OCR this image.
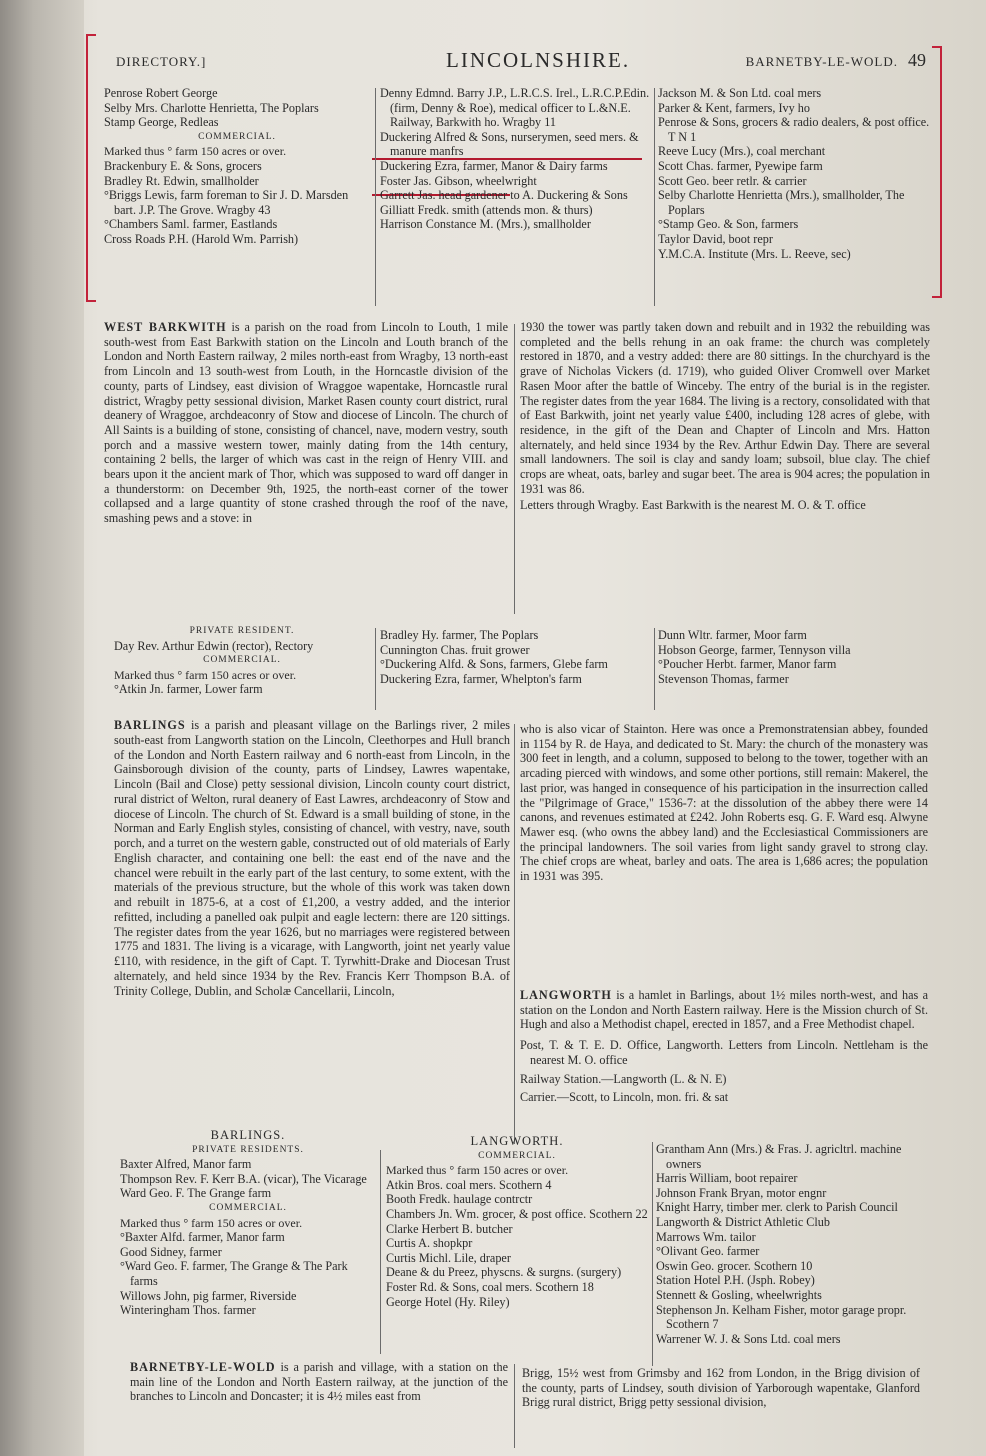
DIRECTORY.]	LINCOLNSHIRE.	BARNETBY-LE-WOLD. 49

Penrose Robert George

Selby Mrs. Charlotte Henrietta, The Poplars

Stamp George, Redleas

COMMERCIAL.

Marked thus ° farm 150 acres or over.

Brackenbury E. & Sons, grocers

Bradley Rt. Edwin, smallholder

°Briggs Lewis, farm foreman to Sir J. D. Marsden bart. J.P. The Grove. Wragby 43

°Chambers Saml. farmer, Eastlands

Cross Roads P.H. (Harold Wm. Parrish)

Denny Edmnd. Barry J.P., L.R.C.S. Irel., L.R.C.P.Edin. (firm, Denny & Roe), medical officer to L.&N.E. Railway, Barkwith ho. Wragby 11

Duckering Alfred & Sons, nurserymen, seed mers. & manure manfrs

Duckering Ezra, farmer, Manor & Dairy farms

Foster Jas. Gibson, wheelwright

Garrett Jas. head gardener to A. Duckering & Sons

Gilliatt Fredk. smith (attends mon. & thurs)

Harrison Constance M. (Mrs.), smallholder

Jackson M. & Son Ltd. coal mers

Parker & Kent, farmers, Ivy ho

Penrose & Sons, grocers & radio dealers, & post office. T N 1

Reeve Lucy (Mrs.), coal merchant

Scott Chas. farmer, Pyewipe farm

Scott Geo. beer retlr. & carrier

Selby Charlotte Henrietta (Mrs.), smallholder, The Poplars

°Stamp Geo. & Son, farmers

Taylor David, boot repr

Y.M.C.A. Institute (Mrs. L. Reeve, sec)

WEST BARKWITH is a parish on the road from Lincoln to Louth, 1 mile south-west from East Barkwith station on the Lincoln and Louth branch of the London and North Eastern railway, 2 miles north-east from Wragby, 13 north-east from Lincoln and 13 south-west from Louth, in the Horncastle division of the county, parts of Lindsey, east division of Wraggoe wapentake, Horncastle rural district, Wragby petty sessional division, Market Rasen county court district, rural deanery of Wraggoe, archdeaconry of Stow and diocese of Lincoln. The church of All Saints is a building of stone, consisting of chancel, nave, modern vestry, south porch and a massive western tower, mainly dating from the 14th century, containing 2 bells, the larger of which was cast in the reign of Henry VIII. and bears upon it the ancient mark of Thor, which was supposed to ward off danger in a thunderstorm: on December 9th, 1925, the north-east corner of the tower collapsed and a large quantity of stone crashed through the roof of the nave, smashing pews and a stove: in

1930 the tower was partly taken down and rebuilt and in 1932 the rebuilding was completed and the bells rehung in an oak frame: the church was completely restored in 1870, and a vestry added: there are 80 sittings. In the churchyard is the grave of Nicholas Vickers (d. 1719), who guided Oliver Cromwell over Market Rasen Moor after the battle of Winceby. The entry of the burial is in the register. The register dates from the year 1684. The living is a rectory, consolidated with that of East Barkwith, joint net yearly value £400, including 128 acres of glebe, with residence, in the gift of the Dean and Chapter of Lincoln and Mrs. Hatton alternately, and held since 1934 by the Rev. Arthur Edwin Day. There are several small landowners. The soil is clay and sandy loam; subsoil, blue clay. The chief crops are wheat, oats, barley and sugar beet. The area is 904 acres; the population in 1931 was 86.

Letters through Wragby. East Barkwith is the nearest M. O. & T. office

PRIVATE RESIDENT.

Day Rev. Arthur Edwin (rector), Rectory

COMMERCIAL.

Marked thus ° farm 150 acres or over.

°Atkin Jn. farmer, Lower farm

Bradley Hy. farmer, The Poplars

Cunnington Chas. fruit grower

°Duckering Alfd. & Sons, farmers, Glebe farm

Duckering Ezra, farmer, Whelpton's farm

Dunn Wltr. farmer, Moor farm

Hobson George, farmer, Tennyson villa

°Poucher Herbt. farmer, Manor farm

Stevenson Thomas, farmer

BARLINGS is a parish and pleasant village on the Barlings river, 2 miles south-east from Langworth station on the Lincoln, Cleethorpes and Hull branch of the London and North Eastern railway and 6 north-east from Lincoln, in the Gainsborough division of the county, parts of Lindsey, Lawres wapentake, Lincoln (Bail and Close) petty sessional division, Lincoln county court district, rural district of Welton, rural deanery of East Lawres, archdeaconry of Stow and diocese of Lincoln. The church of St. Edward is a small building of stone, in the Norman and Early English styles, consisting of chancel, with vestry, nave, south porch, and a turret on the western gable, constructed out of old materials of Early English character, and containing one bell: the east end of the nave and the chancel were rebuilt in the early part of the last century, to some extent, with the materials of the previous structure, but the whole of this work was taken down and rebuilt in 1875-6, at a cost of £1,200, a vestry added, and the interior refitted, including a panelled oak pulpit and eagle lectern: there are 120 sittings. The register dates from the year 1626, but no marriages were registered between 1775 and 1831. The living is a vicarage, with Langworth, joint net yearly value £110, with residence, in the gift of Capt. T. Tyrwhitt-Drake and Diocesan Trust alternately, and held since 1934 by the Rev. Francis Kerr Thompson B.A. of Trinity College, Dublin, and Scholæ Cancellarii, Lincoln,

who is also vicar of Stainton. Here was once a Premonstratensian abbey, founded in 1154 by R. de Haya, and dedicated to St. Mary: the church of the monastery was 300 feet in length, and a column, supposed to belong to the tower, together with an arcading pierced with windows, and some other portions, still remain: Makerel, the last prior, was hanged in consequence of his participation in the insurrection called the "Pilgrimage of Grace," 1536-7: at the dissolution of the abbey there were 14 canons, and revenues estimated at £242. John Roberts esq. G. F. Ward esq. Alwyne Mawer esq. (who owns the abbey land) and the Ecclesiastical Commissioners are the principal landowners. The soil varies from light sandy gravel to strong clay. The chief crops are wheat, barley and oats. The area is 1,686 acres; the population in 1931 was 395.

LANGWORTH is a hamlet in Barlings, about 1½ miles north-west, and has a station on the London and North Eastern railway. Here is the Mission church of St. Hugh and also a Methodist chapel, erected in 1857, and a Free Methodist chapel.

Post, T. & T. E. D. Office, Langworth. Letters from Lincoln. Nettleham is the nearest M. O. office

Railway Station.—Langworth (L. & N. E)

Carrier.—Scott, to Lincoln, mon. fri. & sat

BARLINGS.

PRIVATE RESIDENTS.

Baxter Alfred, Manor farm

Thompson Rev. F. Kerr B.A. (vicar), The Vicarage

Ward Geo. F. The Grange farm

COMMERCIAL.

Marked thus ° farm 150 acres or over.

°Baxter Alfd. farmer, Manor farm

Good Sidney, farmer

°Ward Geo. F. farmer, The Grange & The Park farms

Willows John, pig farmer, Riverside

Winteringham Thos. farmer

LANGWORTH.

COMMERCIAL.

Marked thus ° farm 150 acres or over.

Atkin Bros. coal mers. Scothern 4

Booth Fredk. haulage contrctr

Chambers Jn. Wm. grocer, & post office. Scothern 22

Clarke Herbert B. butcher

Curtis A. shopkpr

Curtis Michl. Lile, draper

Deane & du Preez, physcns. & surgns. (surgery)

Foster Rd. & Sons, coal mers. Scothern 18

George Hotel (Hy. Riley)

Grantham Ann (Mrs.) & Fras. J. agricltrl. machine owners

Harris William, boot repairer

Johnson Frank Bryan, motor engnr

Knight Harry, timber mer. clerk to Parish Council

Langworth & District Athletic Club

Marrows Wm. tailor

°Olivant Geo. farmer

Oswin Geo. grocer. Scothern 10

Station Hotel P.H. (Jsph. Robey)

Stennett & Gosling, wheelwrights

Stephenson Jn. Kelham Fisher, motor garage propr. Scothern 7

Warrener W. J. & Sons Ltd. coal mers

BARNETBY-LE-WOLD is a parish and village, with a station on the main line of the London and North Eastern railway, at the junction of the branches to Lincoln and Doncaster; it is 4½ miles east from

Brigg, 15½ west from Grimsby and 162 from London, in the Brigg division of the county, parts of Lindsey, south division of Yarborough wapentake, Glanford Brigg rural district, Brigg petty sessional division,
